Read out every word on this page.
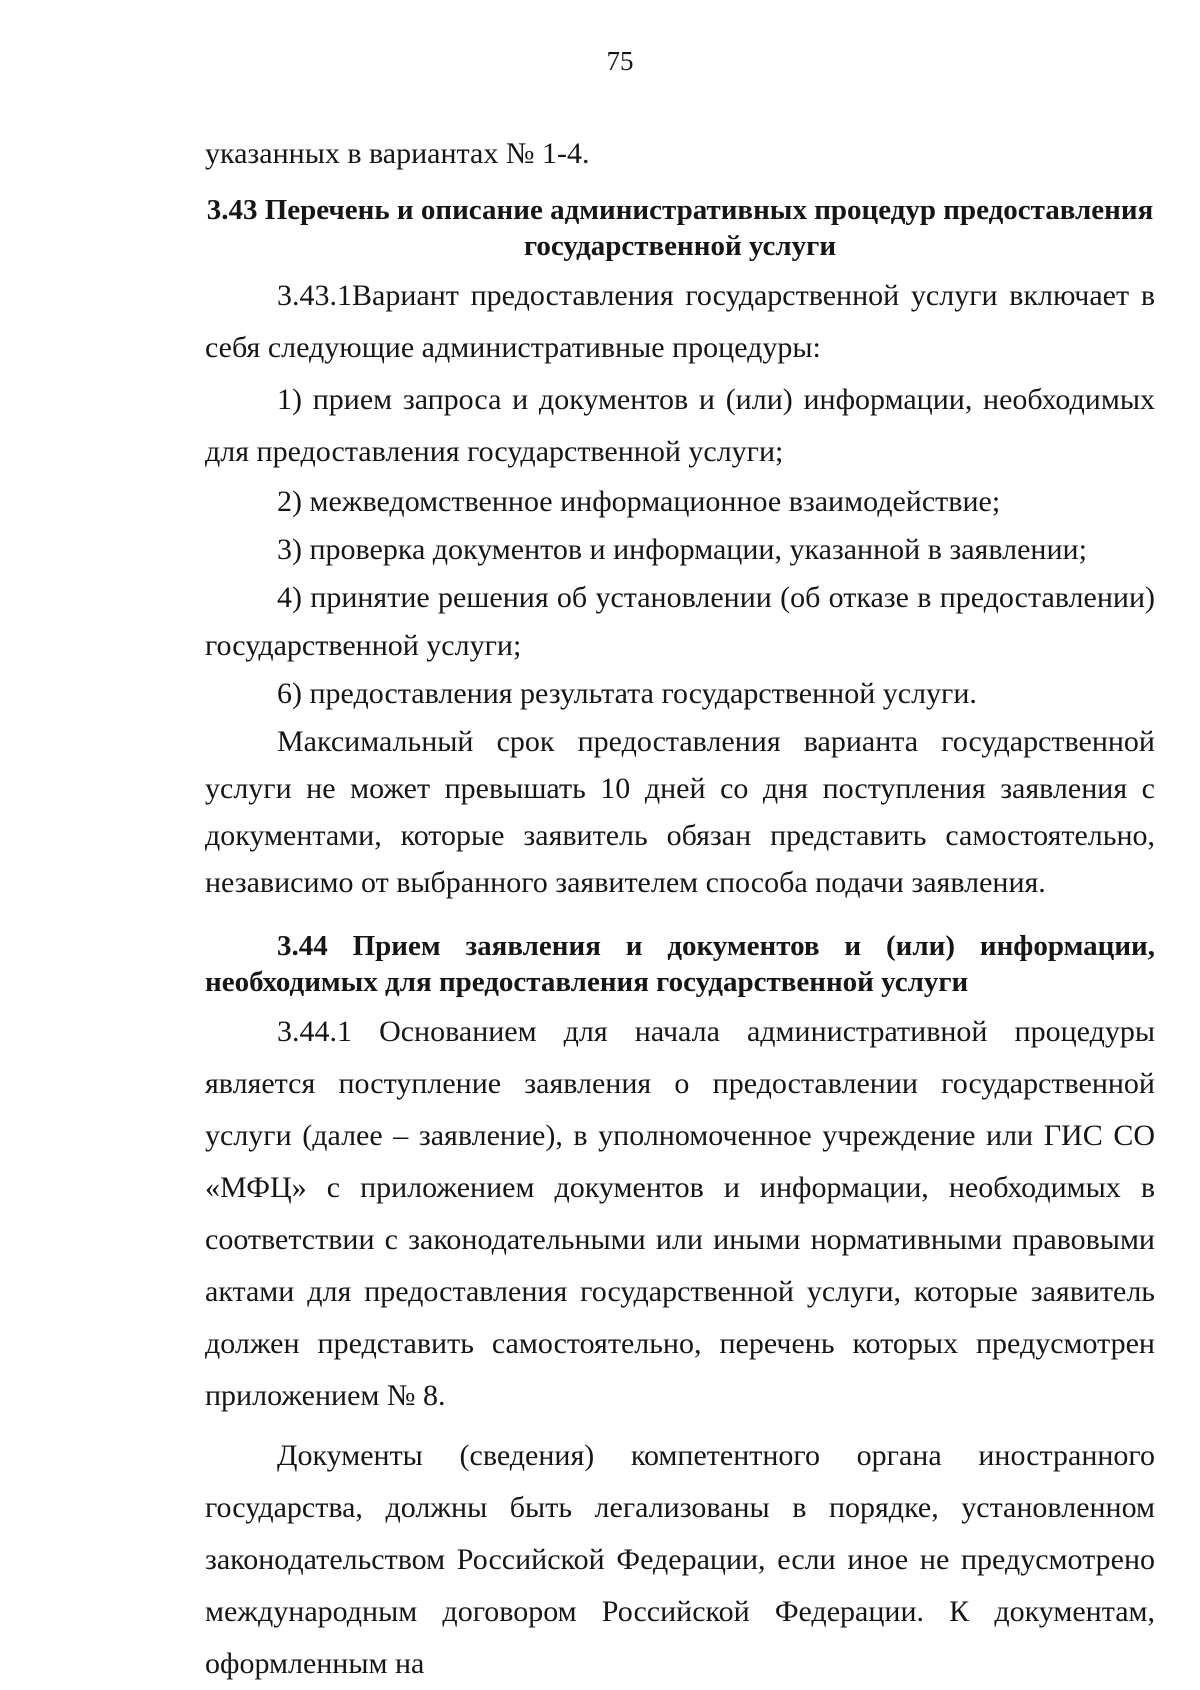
75

указанных в вариантах № 1-4.

3.43 Перечень и описание административных процедур предоставления государственной услуги

3.43.1Вариант предоставления государственной услуги включает в себя следующие административные процедуры:

1) прием запроса и документов и (или) информации, необходимых для предоставления государственной услуги;

2) межведомственное информационное взаимодействие;

3) проверка документов и информации, указанной в заявлении;

4) принятие решения об установлении (об отказе в предоставлении) государственной услуги;

6) предоставления результата государственной услуги.

Максимальный срок предоставления варианта государственной услуги не может превышать 10 дней со дня поступления заявления с документами, которые заявитель обязан представить самостоятельно, независимо от выбранного заявителем способа подачи заявления.

3.44 Прием заявления и документов и (или) информации, необходимых для предоставления государственной услуги

3.44.1 Основанием для начала административной процедуры является поступление заявления о предоставлении государственной услуги (далее – заявление), в уполномоченное учреждение или ГИС СО «МФЦ» с приложением документов и информации, необходимых в соответствии с законодательными или иными нормативными правовыми актами для предоставления государственной услуги, которые заявитель должен представить самостоятельно, перечень которых предусмотрен приложением № 8.

Документы (сведения) компетентного органа иностранного государства, должны быть легализованы в порядке, установленном законодательством Российской Федерации, если иное не предусмотрено международным договором Российской Федерации. К документам, оформленным на
